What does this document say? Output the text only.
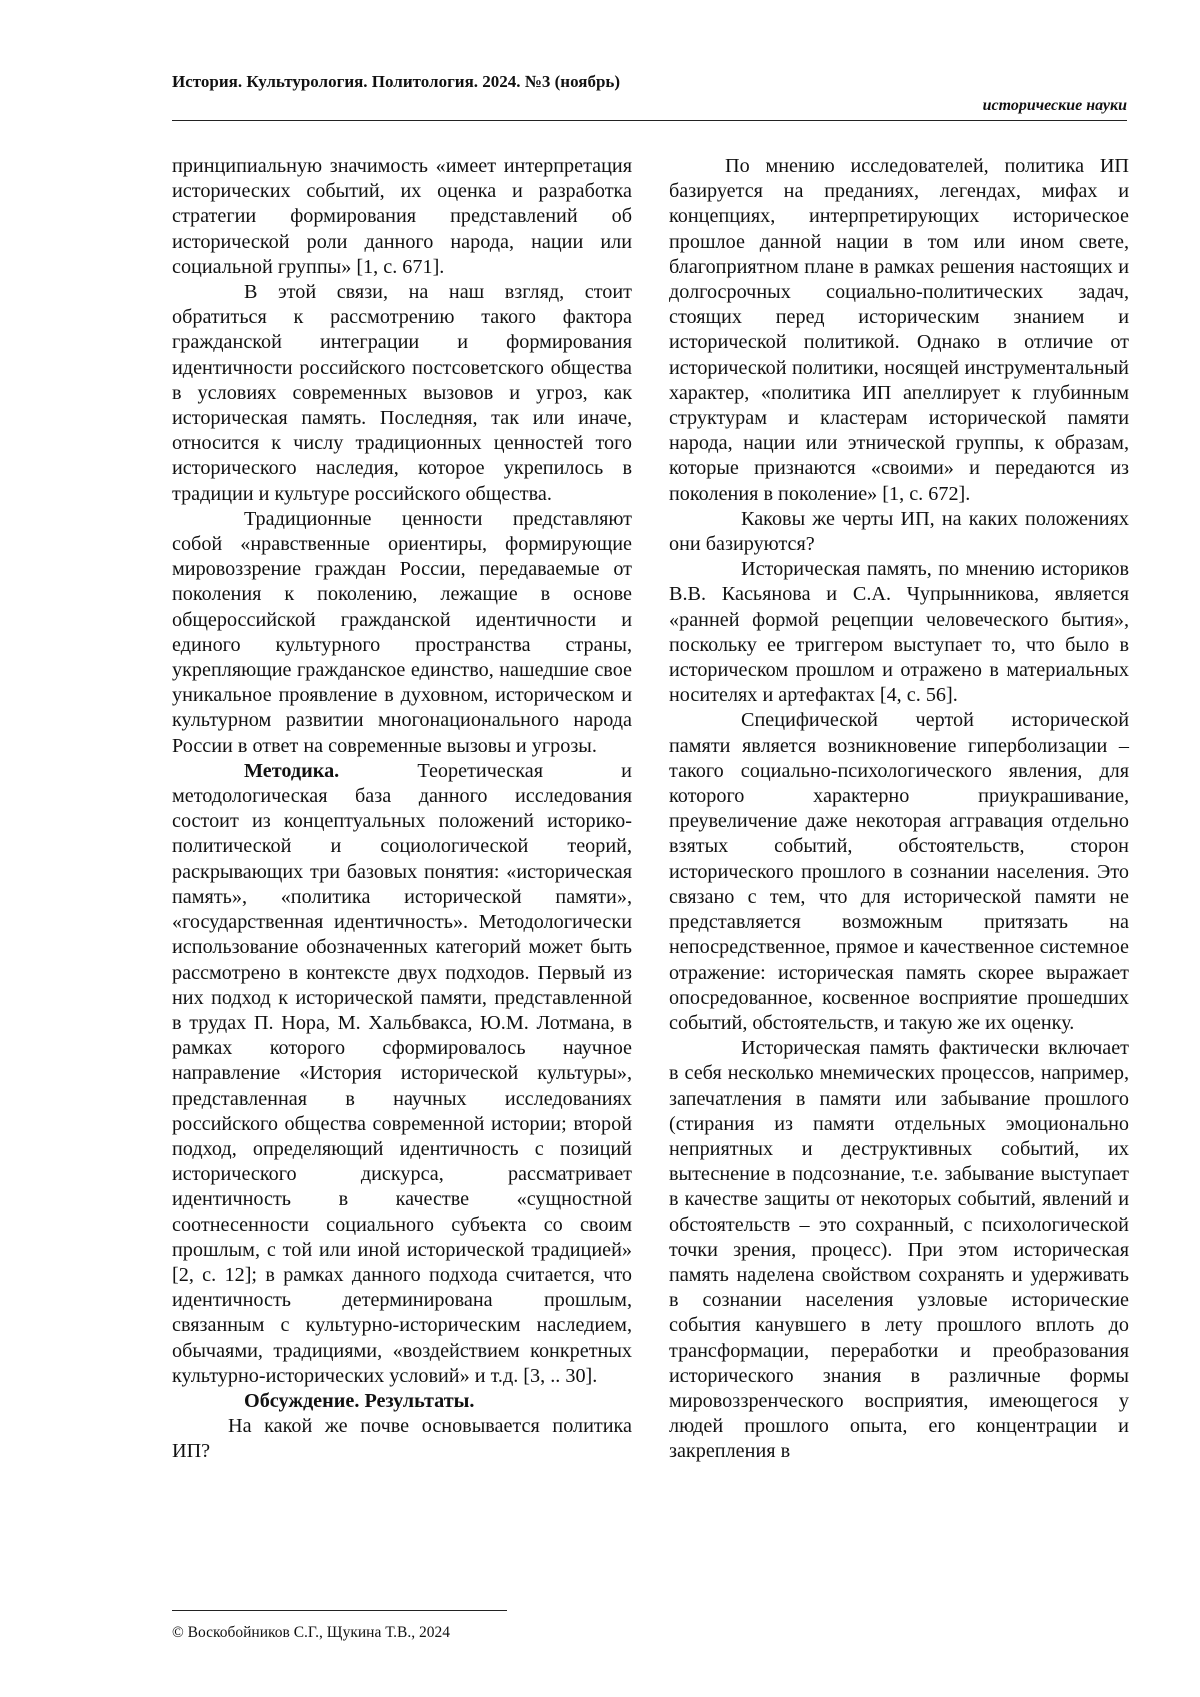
История. Культурология. Политология. 2024. №3 (ноябрь)
исторические науки

принципиальную значимость «имеет интерпретация исторических событий, их оценка и разработка стратегии формирования представлений об исторической роли данного народа, нации или социальной группы» [1, с. 671].

В этой связи, на наш взгляд, стоит обратиться к рассмотрению такого фактора гражданской интеграции и формирования идентичности российского постсоветского общества в условиях современных вызовов и угроз, как историческая память. Последняя, так или иначе, относится к числу традиционных ценностей того исторического наследия, которое укрепилось в традиции и культуре российского общества.

Традиционные ценности представляют собой «нравственные ориентиры, формирующие мировоззрение граждан России, передаваемые от поколения к поколению, лежащие в основе общероссийской гражданской идентичности и единого культурного пространства страны, укрепляющие гражданское единство, нашедшие свое уникальное проявление в духовном, историческом и культурном развитии многонационального народа России в ответ на современные вызовы и угрозы.

Методика. Теоретическая и методологическая база данного исследования состоит из концептуальных положений историко-политической и социологической теорий, раскрывающих три базовых понятия: «историческая память», «политика исторической памяти», «государственная идентичность». Методологически использование обозначенных категорий может быть рассмотрено в контексте двух подходов. Первый из них подход к исторической памяти, представленной в трудах П. Нора, М. Хальбвакса, Ю.М. Лотмана, в рамках которого сформировалось научное направление «История исторической культуры», представленная в научных исследованиях российского общества современной истории; второй подход, определяющий идентичность с позиций исторического дискурса, рассматривает идентичность в качестве «сущностной соотнесенности социального субъекта со своим прошлым, с той или иной исторической традицией» [2, с. 12]; в рамках данного подхода считается, что идентичность детерминирована прошлым, связанным с культурно-историческим наследием, обычаями, традициями, «воздействием конкретных культурно-исторических условий» и т.д. [3, .. 30].

Обсуждение. Результаты.

На какой же почве основывается политика ИП?

По мнению исследователей, политика ИП базируется на преданиях, легендах, мифах и концепциях, интерпретирующих историческое прошлое данной нации в том или ином свете, благоприятном плане в рамках решения настоящих и долгосрочных социально-политических задач, стоящих перед историческим знанием и исторической политикой. Однако в отличие от исторической политики, носящей инструментальный характер, «политика ИП апеллирует к глубинным структурам и кластерам исторической памяти народа, нации или этнической группы, к образам, которые признаются «своими» и передаются из поколения в поколение» [1, с. 672].

Каковы же черты ИП, на каких положениях они базируются?

Историческая память, по мнению историков В.В. Касьянова и С.А. Чупрынникова, является «ранней формой рецепции человеческого бытия», поскольку ее триггером выступает то, что было в историческом прошлом и отражено в материальных носителях и артефактах [4, с. 56].

Специфической чертой исторической памяти является возникновение гиперболизации – такого социально-психологического явления, для которого характерно приукрашивание, преувеличение даже некоторая аггравация отдельно взятых событий, обстоятельств, сторон исторического прошлого в сознании населения. Это связано с тем, что для исторической памяти не представляется возможным притязать на непосредственное, прямое и качественное системное отражение: историческая память скорее выражает опосредованное, косвенное восприятие прошедших событий, обстоятельств, и такую же их оценку.

Историческая память фактически включает в себя несколько мнемических процессов, например, запечатления в памяти или забывание прошлого (стирания из памяти отдельных эмоционально неприятных и деструктивных событий, их вытеснение в подсознание, т.е. забывание выступает в качестве защиты от некоторых событий, явлений и обстоятельств – это сохранный, с психологической точки зрения, процесс). При этом историческая память наделена свойством сохранять и удерживать в сознании населения узловые исторические события канувшего в лету прошлого вплоть до трансформации, переработки и преобразования исторического знания в различные формы мировоззренческого восприятия, имеющегося у людей прошлого опыта, его концентрации и закрепления в

© Воскобойников С.Г., Щукина Т.В., 2024
